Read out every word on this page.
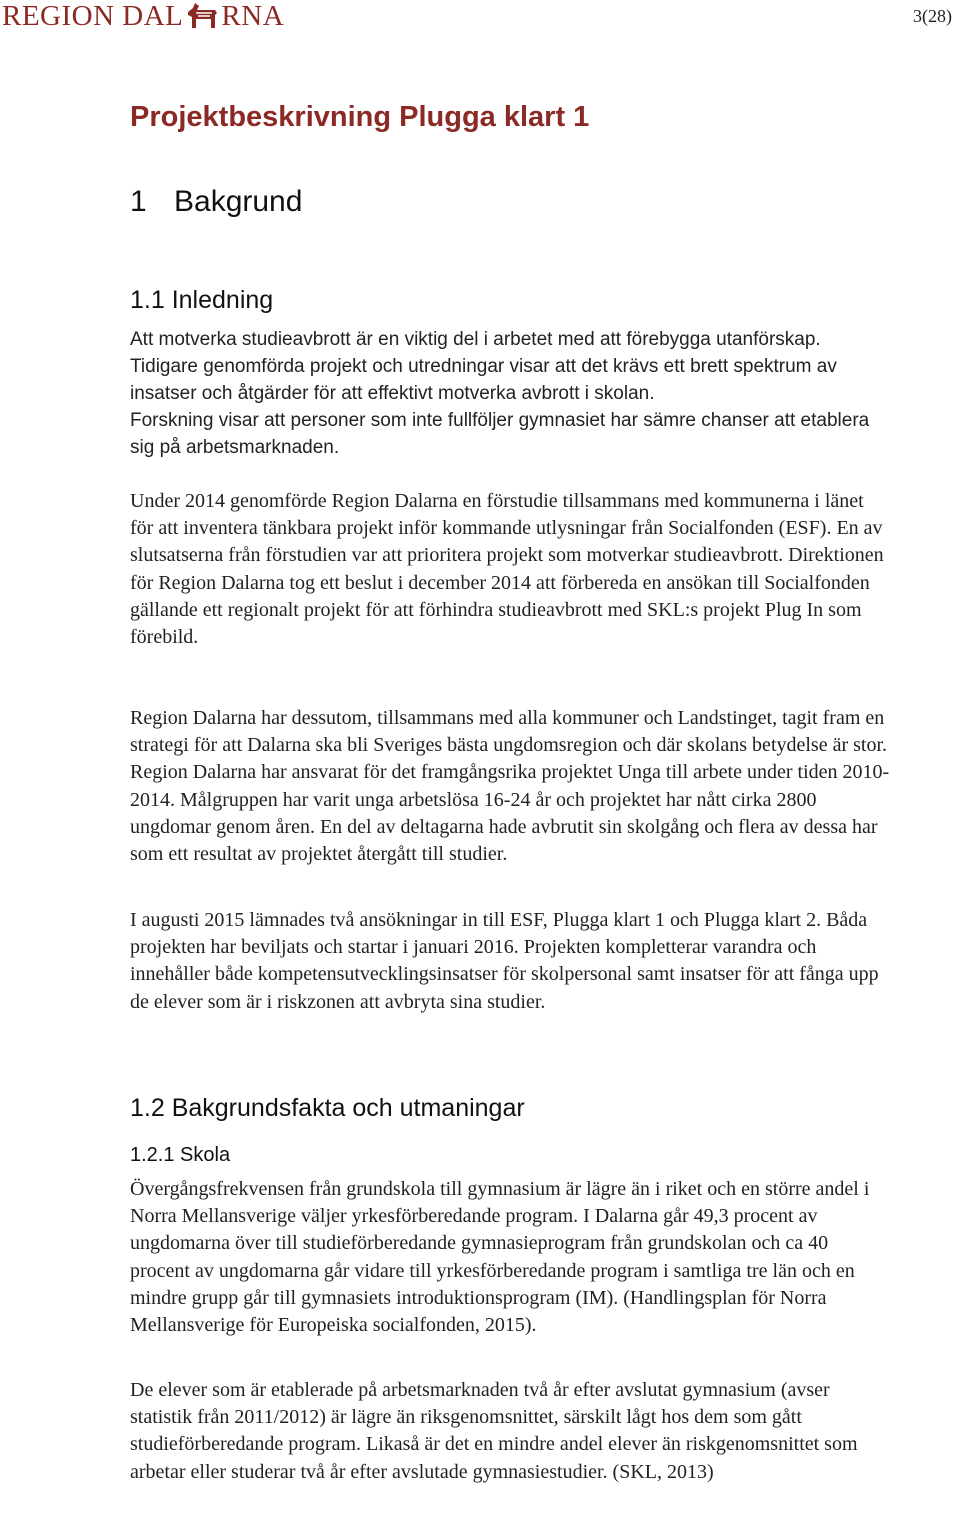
REGION DAL RNA	3(28)
Projektbeskrivning Plugga klart 1
1 Bakgrund
1.1 Inledning

Att motverka studieavbrott är en viktig del i arbetet med att förebygga utanförskap. Tidigare genomförda projekt och utredningar visar att det krävs ett brett spektrum av insatser och åtgärder för att effektivt motverka avbrott i skolan.

Forskning visar att personer som inte fullföljer gymnasiet har sämre chanser att etablera sig på arbetsmarknaden.

Under 2014 genomförde Region Dalarna en förstudie tillsammans med kommunerna i länet för att inventera tänkbara projekt inför kommande utlysningar från Socialfonden (ESF). En av slutsatserna från förstudien var att prioritera projekt som motverkar studieavbrott. Direktionen för Region Dalarna tog ett beslut i december 2014 att förbereda en ansökan till Socialfonden gällande ett regionalt projekt för att förhindra studieavbrott med SKL:s projekt Plug In som förebild.

Region Dalarna har dessutom, tillsammans med alla kommuner och Landstinget, tagit fram en strategi för att Dalarna ska bli Sveriges bästa ungdomsregion och där skolans betydelse är stor. Region Dalarna har ansvarat för det framgångsrika projektet Unga till arbete under tiden 2010-2014. Målgruppen har varit unga arbetslösa 16-24 år och projektet har nått cirka 2800 ungdomar genom åren. En del av deltagarna hade avbrutit sin skolgång och flera av dessa har som ett resultat av projektet återgått till studier.

I augusti 2015 lämnades två ansökningar in till ESF, Plugga klart 1 och Plugga klart 2. Båda projekten har beviljats och startar i januari 2016. Projekten kompletterar varandra och innehåller både kompetensutvecklingsinsatser för skolpersonal samt insatser för att fånga upp de elever som är i riskzonen att avbryta sina studier.

1.2 Bakgrundsfakta och utmaningar
1.2.1 Skola

Övergångsfrekvensen från grundskola till gymnasium är lägre än i riket och en större andel i Norra Mellansverige väljer yrkesförberedande program. I Dalarna går 49,3 procent av ungdomarna över till studieförberedande gymnasieprogram från grundskolan och ca 40 procent av ungdomarna går vidare till yrkesförberedande program i samtliga tre län och en mindre grupp går till gymnasiets introduktionsprogram (IM). (Handlingsplan för Norra Mellansverige för Europeiska socialfonden, 2015).

De elever som är etablerade på arbetsmarknaden två år efter avslutat gymnasium (avser statistik från 2011/2012) är lägre än riksgenomsnittet, särskilt lågt hos dem som gått studieförberedande program. Likaså är det en mindre andel elever än riskgenomsnittet som arbetar eller studerar två år efter avslutade gymnasiestudier. (SKL, 2013)
